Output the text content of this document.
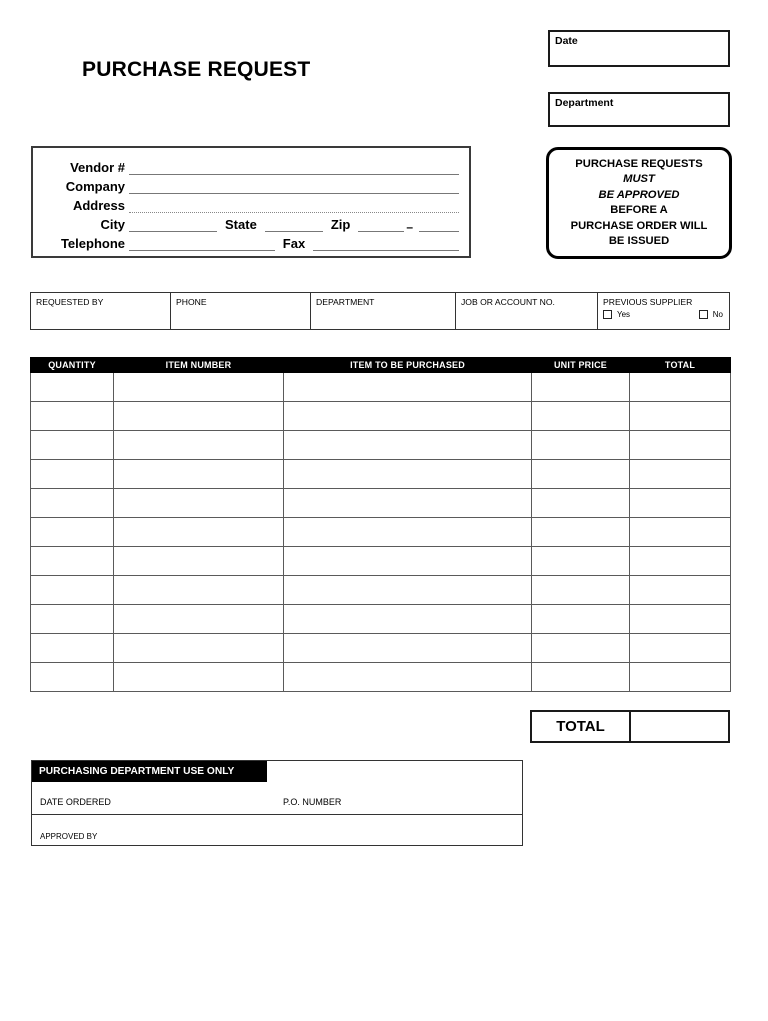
PURCHASE REQUEST
Date
Department
PURCHASE REQUESTS
MUST
BE APPROVED
BEFORE A
PURCHASE ORDER WILL
BE ISSUED
Vendor #
Company
Address
City	State	Zip	–
Telephone	Fax
REQUESTED BY	PHONE	DEPARTMENT	JOB OR ACCOUNT NO.	PREVIOUS SUPPLIER
Yes	No
QUANTITY	ITEM NUMBER	ITEM TO BE PURCHASED	UNIT PRICE	TOTAL

TOTAL
PURCHASING DEPARTMENT USE ONLY
DATE ORDERED	P.O. NUMBER
APPROVED BY
